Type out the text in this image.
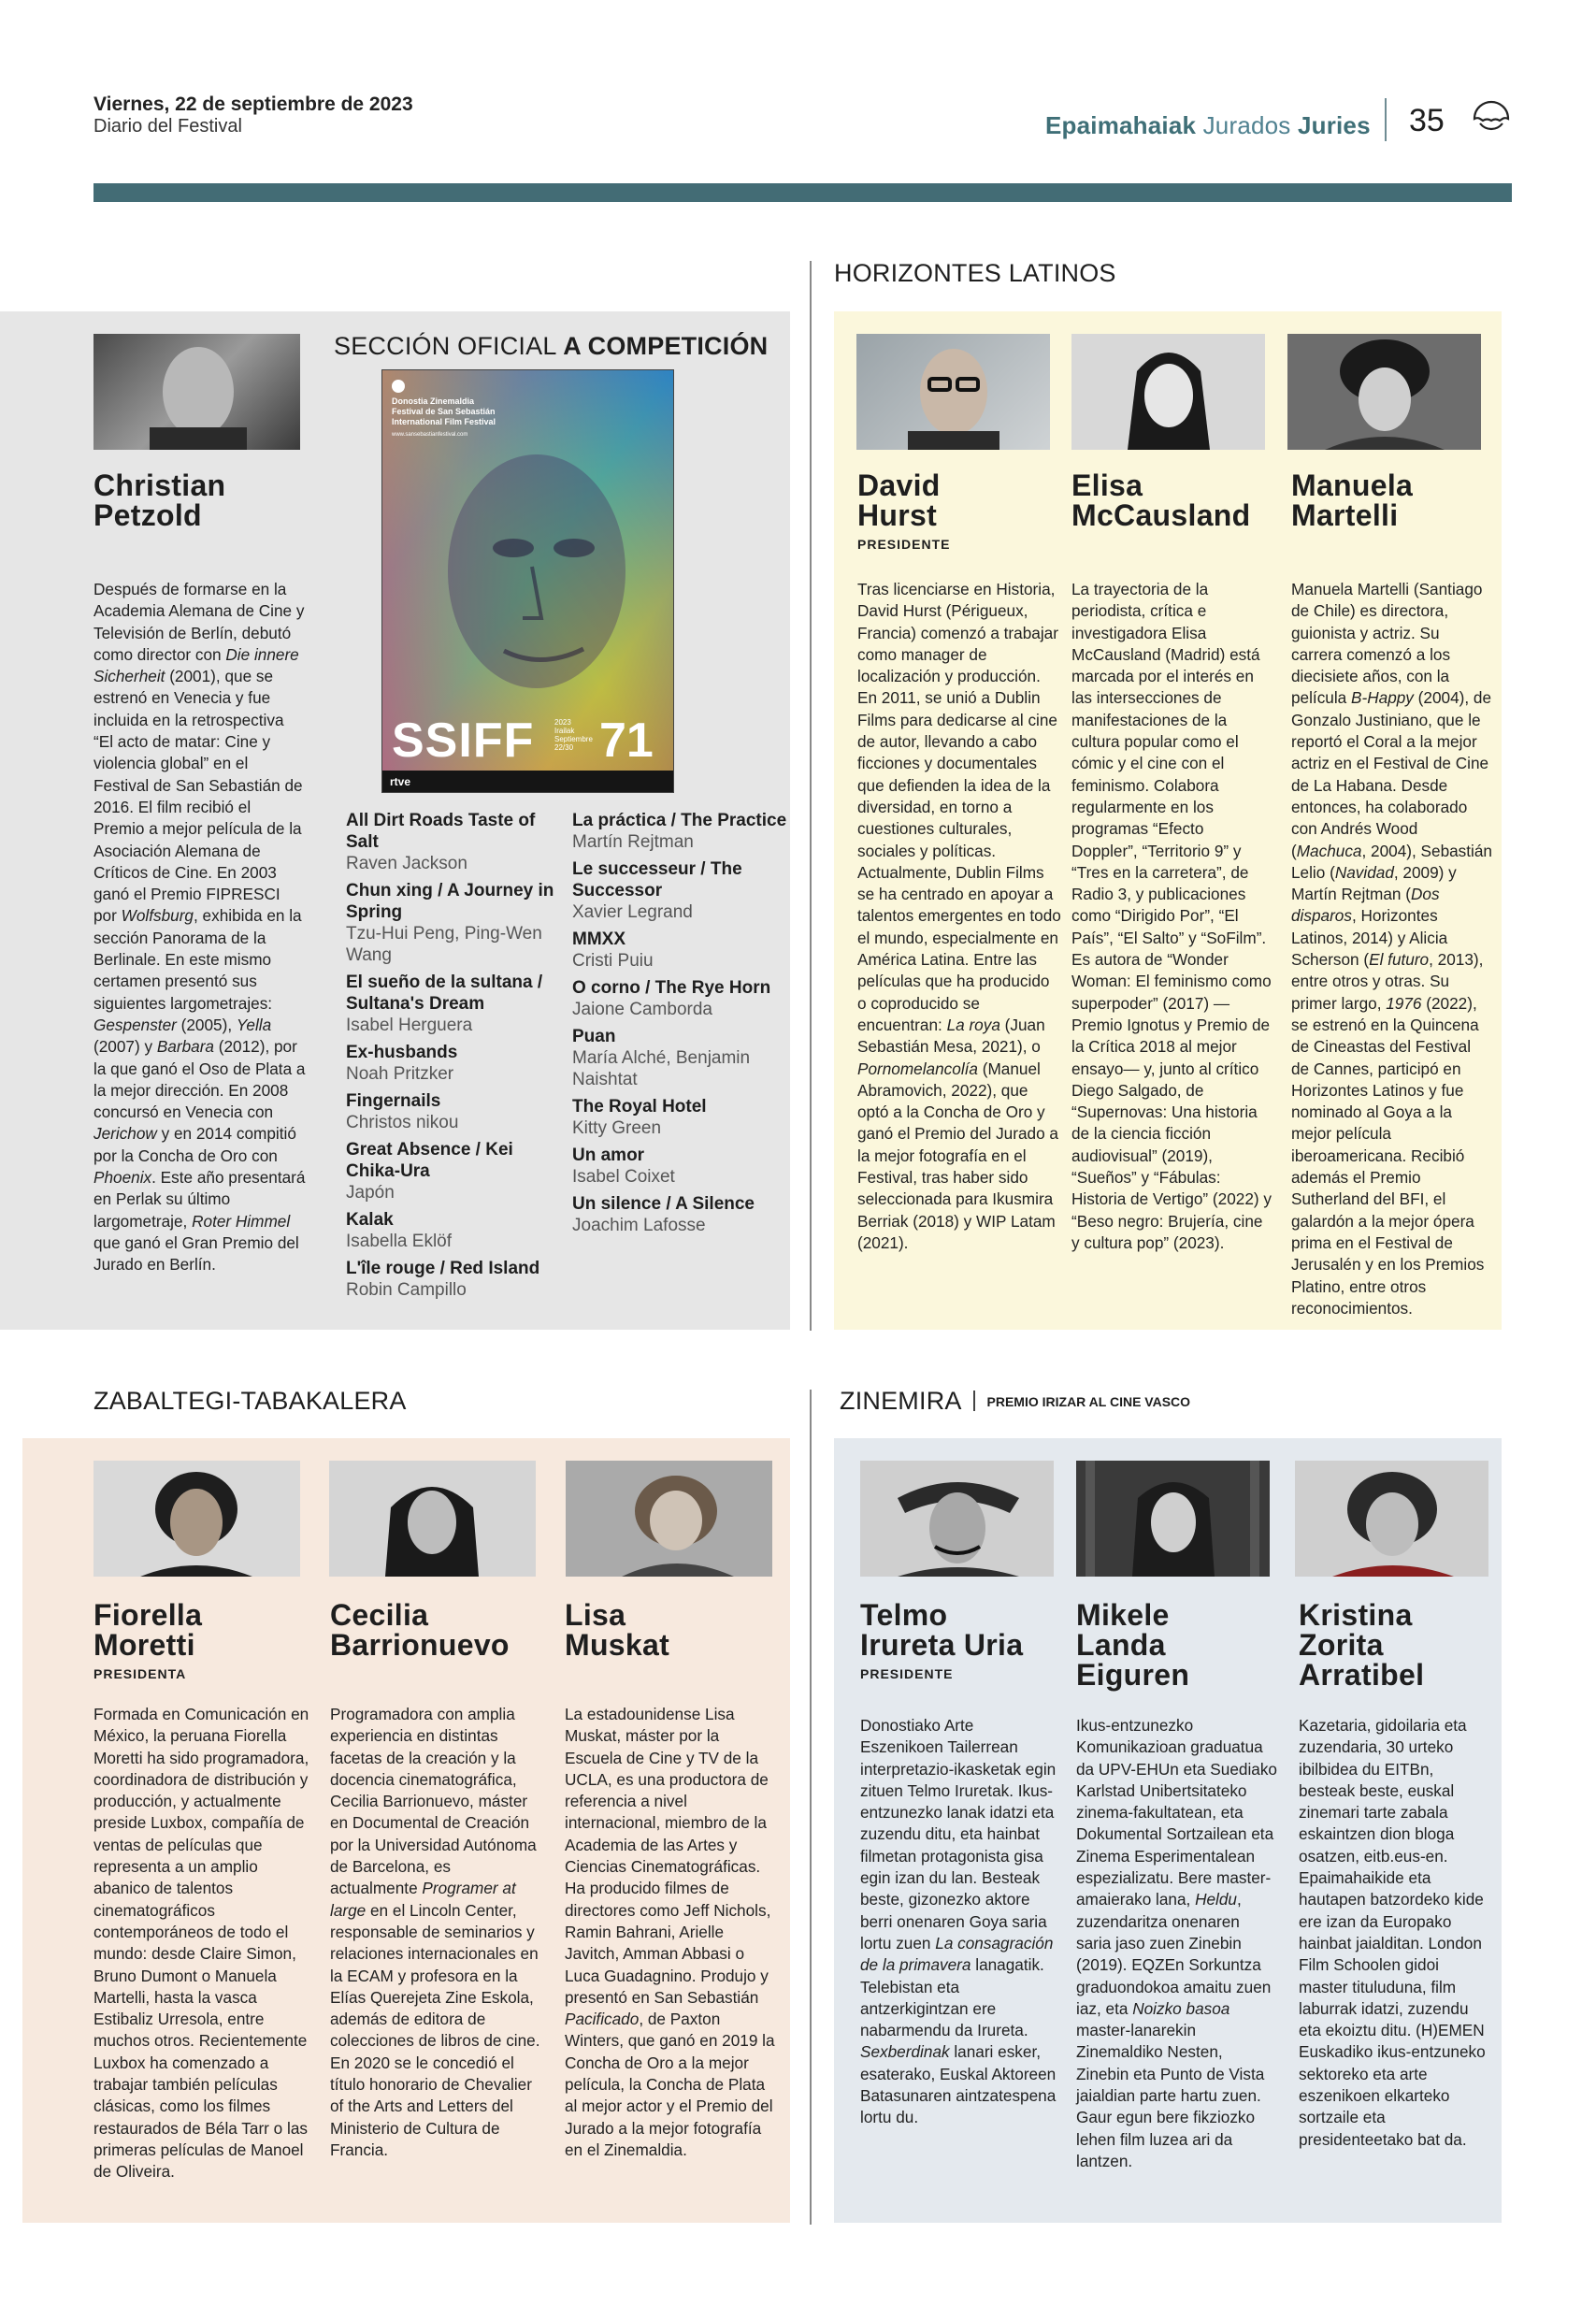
Viernes, 22 de septiembre de 2023
Diario del Festival	Epaimahaiak Jurados Juries 35
SECCIÓN OFICIAL A COMPETICIÓN
Christian
Petzold
Después de formarse en la Academia Alemana de Cine y Televisión de Berlín, debutó como director con Die innere Sicherheit (2001), que se estrenó en Venecia y fue incluida en la retrospectiva “El acto de matar: Cine y violencia global” en el Festival de San Sebastián de 2016. El film recibió el Premio a mejor película de la Asociación Alemana de Críticos de Cine. En 2003 ganó el Premio FIPRESCI por Wolfsburg, exhibida en la sección Panorama de la Berlinale. En este mismo certamen presentó sus siguientes largometrajes: Gespenster (2005), Yella (2007) y Barbara (2012), por la que ganó el Oso de Plata a la mejor dirección. En 2008 concursó en Venecia con Jerichow y en 2014 compitió por la Concha de Oro con Phoenix. Este año presentará en Perlak su último largometraje, Roter Himmel que ganó el Gran Premio del Jurado en Berlín.
Donostia Zinemaldia
Festival de San Sebastián
International Film Festival
www.sansebastianfestival.com
SSIFF	2023
Irailak
Septiembre
22/30 71
rtve
All Dirt Roads Taste of Salt
Raven Jackson
Chun xing / A Journey in Spring
Tzu-Hui Peng, Ping-Wen Wang
El sueño de la sultana / Sultana's Dream
Isabel Herguera
Ex-husbands
Noah Pritzker
Fingernails
Christos nikou
Great Absence / Kei Chika-Ura
Japón
Kalak
Isabella Eklöf
L'île rouge / Red Island
Robin Campillo
La práctica / The Practice
Martín Rejtman
Le successeur / The Successor
Xavier Legrand
MMXX
Cristi Puiu
O corno / The Rye Horn
Jaione Camborda
Puan
María Alché, Benjamin Naishtat
The Royal Hotel
Kitty Green
Un amor
Isabel Coixet
Un silence / A Silence
Joachim Lafosse
HORIZONTES LATINOS
David
Hurst
PRESIDENTE
Tras licenciarse en Historia, David Hurst (Périgueux, Francia) comenzó a trabajar como manager de localización y producción. En 2011, se unió a Dublin Films para dedicarse al cine de autor, llevando a cabo ficciones y documentales que defienden la idea de la diversidad, en torno a cuestiones culturales, sociales y políticas. Actualmente, Dublin Films se ha centrado en apoyar a talentos emergentes en todo el mundo, especialmente en América Latina. Entre las películas que ha producido o coproducido se encuentran: La roya (Juan Sebastián Mesa, 2021), o Pornomelancolía (Manuel Abramovich, 2022), que optó a la Concha de Oro y ganó el Premio del Jurado a la mejor fotografía en el Festival, tras haber sido seleccionada para Ikusmira Berriak (2018) y WIP Latam (2021).
Elisa
McCausland
La trayectoria de la periodista, crítica e investigadora Elisa McCausland (Madrid) está marcada por el interés en las intersecciones de manifestaciones de la cultura popular como el cómic y el cine con el feminismo. Colabora regularmente en los programas “Efecto Doppler”, “Territorio 9” y “Tres en la carretera”, de Radio 3, y publicaciones como “Dirigido Por”, “El País”, “El Salto” y “SoFilm”. Es autora de “Wonder Woman: El feminismo como superpoder” (2017) —Premio Ignotus y Premio de la Crítica 2018 al mejor ensayo— y, junto al crítico Diego Salgado, de “Supernovas: Una historia de la ciencia ficción audiovisual” (2019), “Sueños” y “Fábulas: Historia de Vertigo” (2022) y “Beso negro: Brujería, cine y cultura pop” (2023).
Manuela
Martelli
Manuela Martelli (Santiago de Chile) es directora, guionista y actriz. Su carrera comenzó a los diecisiete años, con la película B-Happy (2004), de Gonzalo Justiniano, que le reportó el Coral a la mejor actriz en el Festival de Cine de La Habana. Desde entonces, ha colaborado con Andrés Wood (Machuca, 2004), Sebastián Lelio (Navidad, 2009) y Martín Rejtman (Dos disparos, Horizontes Latinos, 2014) y Alicia Scherson (El futuro, 2013), entre otros y otras. Su primer largo, 1976 (2022), se estrenó en la Quincena de Cineastas del Festival de Cannes, participó en Horizontes Latinos y fue nominado al Goya a la mejor película iberoamericana. Recibió además el Premio Sutherland del BFI, el galardón a la mejor ópera prima en el Festival de Jerusalén y en los Premios Platino, entre otros reconocimientos.
ZABALTEGI-TABAKALERA
Fiorella
Moretti
PRESIDENTA
Formada en Comunicación en México, la peruana Fiorella Moretti ha sido programadora, coordinadora de distribución y producción, y actualmente preside Luxbox, compañía de ventas de películas que representa a un amplio abanico de talentos cinematográficos contemporáneos de todo el mundo: desde Claire Simon, Bruno Dumont o Manuela Martelli, hasta la vasca Estibaliz Urresola, entre muchos otros. Recientemente Luxbox ha comenzado a trabajar también películas clásicas, como los filmes restaurados de Béla Tarr o las primeras películas de Manoel de Oliveira.
Cecilia
Barrionuevo
Programadora con amplia experiencia en distintas facetas de la creación y la docencia cinematográfica, Cecilia Barrionuevo, máster en Documental de Creación por la Universidad Autónoma de Barcelona, es actualmente Programer at large en el Lincoln Center, responsable de seminarios y relaciones internacionales en la ECAM y profesora en la Elías Querejeta Zine Eskola, además de editora de colecciones de libros de cine. En 2020 se le concedió el título honorario de Chevalier of the Arts and Letters del Ministerio de Cultura de Francia.
Lisa
Muskat
La estadounidense Lisa Muskat, máster por la Escuela de Cine y TV de la UCLA, es una productora de referencia a nivel internacional, miembro de la Academia de las Artes y Ciencias Cinematográficas. Ha producido filmes de directores como Jeff Nichols, Ramin Bahrani, Arielle Javitch, Amman Abbasi o Luca Guadagnino. Produjo y presentó en San Sebastián Pacificado, de Paxton Winters, que ganó en 2019 la Concha de Oro a la mejor película, la Concha de Plata al mejor actor y el Premio del Jurado a la mejor fotografía en el Zinemaldia.
ZINEMIRA PREMIO IRIZAR AL CINE VASCO
Telmo
Irureta Uria
PRESIDENTE
Donostiako Arte Eszenikoen Tailerrean interpretazio-ikasketak egin zituen Telmo Iruretak. Ikus-entzunezko lanak idatzi eta zuzendu ditu, eta hainbat filmetan protagonista gisa egin izan du lan. Besteak beste, gizonezko aktore berri onenaren Goya saria lortu zuen La consagración de la primavera lanagatik. Telebistan eta antzerkigintzan ere nabarmendu da Irureta. Sexberdinak lanari esker, esaterako, Euskal Aktoreen Batasunaren aintzatespena lortu du.
Mikele
Landa
Eiguren
Ikus-entzunezko Komunikazioan graduatua da UPV-EHUn eta Suediako Karlstad Unibertsitateko zinema-fakultatean, eta Dokumental Sortzailean eta Zinema Esperimentalean espezializatu. Bere master-amaierako lana, Heldu, zuzendaritza onenaren saria jaso zuen Zinebin (2019). EQZEn Sorkuntza graduondokoa amaitu zuen iaz, eta Noizko basoa master-lanarekin Zinemaldiko Nesten, Zinebin eta Punto de Vista jaialdian parte hartu zuen. Gaur egun bere fikziozko lehen film luzea ari da lantzen.
Kristina
Zorita
Arratibel
Kazetaria, gidoilaria eta zuzendaria, 30 urteko ibilbidea du EITBn, besteak beste, euskal zinemari tarte zabala eskaintzen dion bloga osatzen, eitb.eus-en. Epaimahaikide eta hautapen batzordeko kide ere izan da Europako hainbat jaialditan. London Film Schoolen gidoi master tituluduna, film laburrak idatzi, zuzendu eta ekoiztu ditu. (H)EMEN Euskadiko ikus-entzuneko sektoreko eta arte eszenikoen elkarteko sortzaile eta presidenteetako bat da.
